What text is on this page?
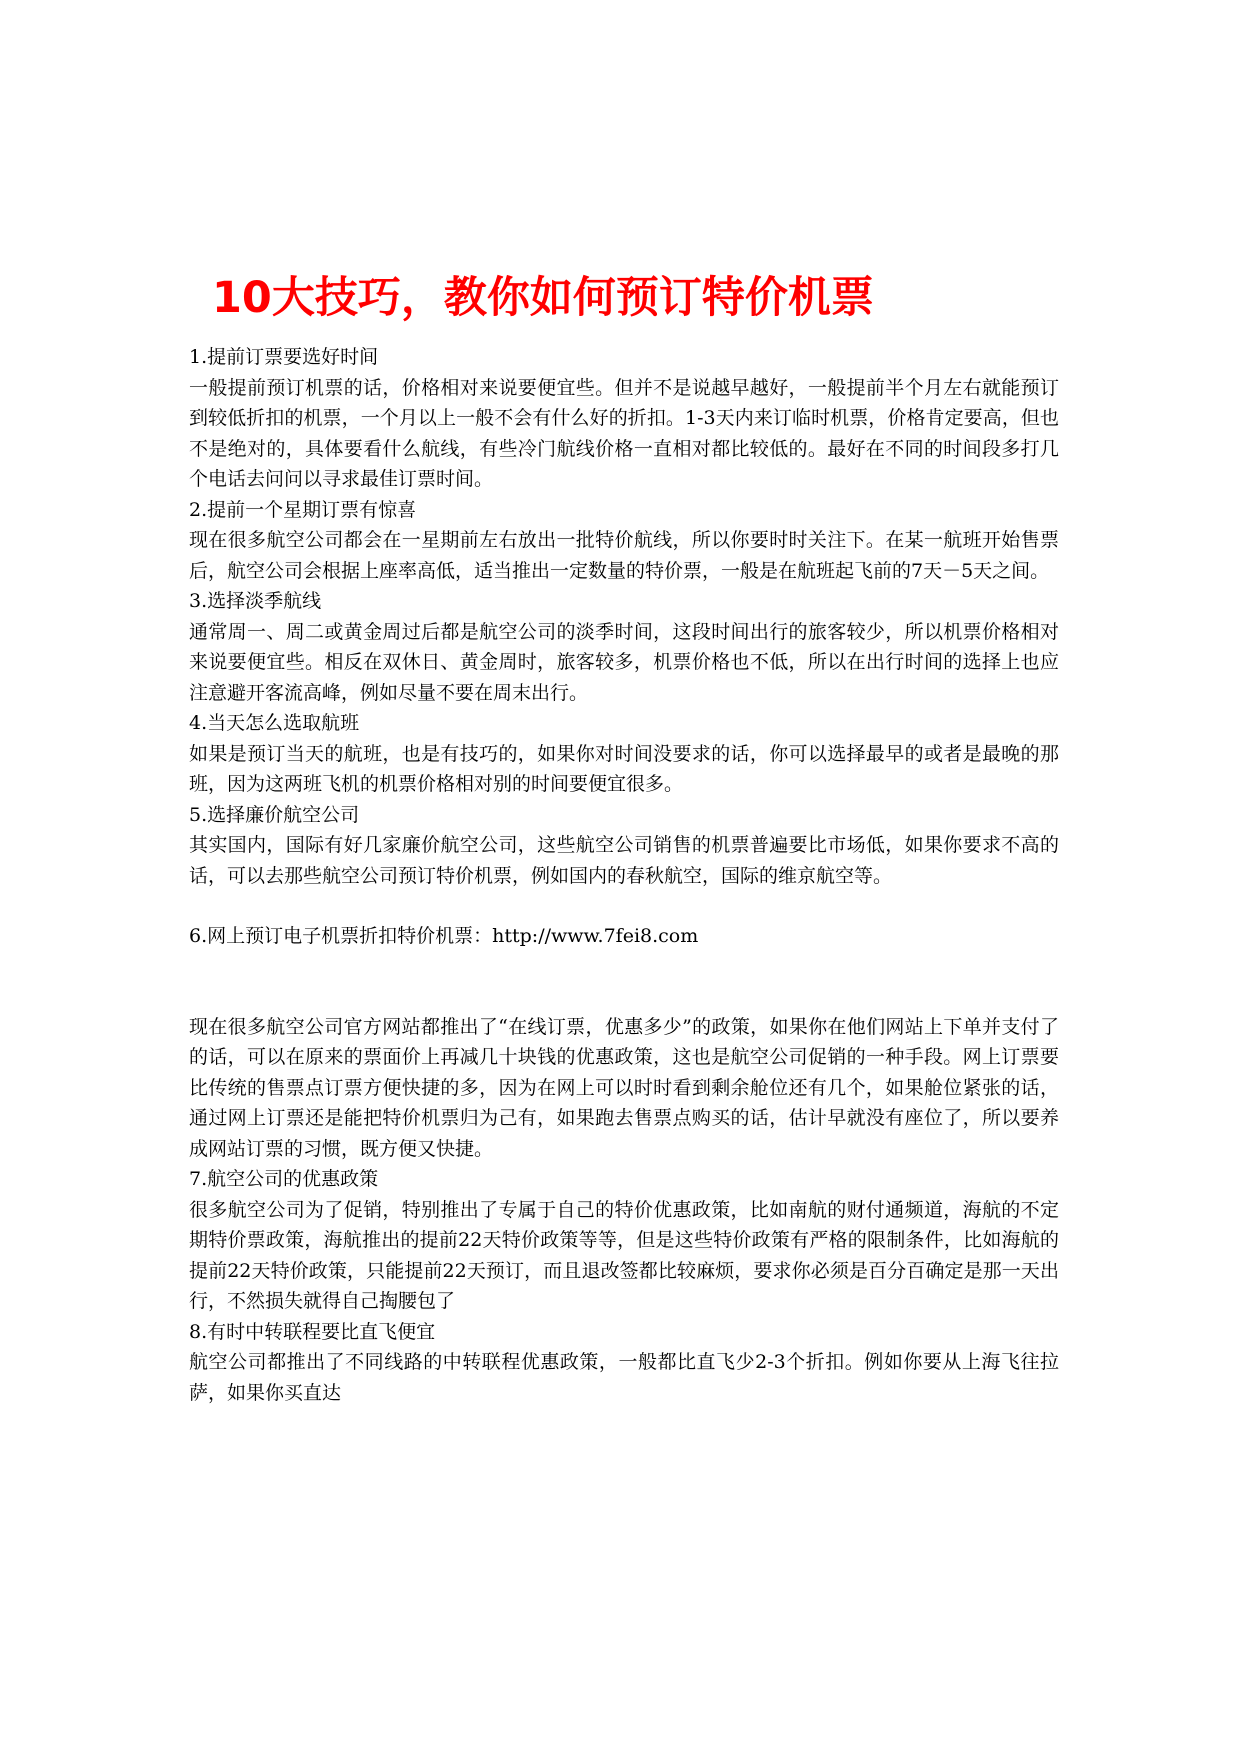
10大技巧，教你如何预订特价机票

1.提前订票要选好时间

一般提前预订机票的话，价格相对来说要便宜些。但并不是说越早越好，一般提前半个月左右就能预订到较低折扣的机票，一个月以上一般不会有什么好的折扣。1-3天内来订临时机票，价格肯定要高，但也不是绝对的，具体要看什么航线，有些冷门航线价格一直相对都比较低的。最好在不同的时间段多打几个电话去问问以寻求最佳订票时间。

2.提前一个星期订票有惊喜

现在很多航空公司都会在一星期前左右放出一批特价航线，所以你要时时关注下。在某一航班开始售票后，航空公司会根据上座率高低，适当推出一定数量的特价票，一般是在航班起飞前的7天－5天之间。

3.选择淡季航线

通常周一、周二或黄金周过后都是航空公司的淡季时间，这段时间出行的旅客较少，所以机票价格相对来说要便宜些。相反在双休日、黄金周时，旅客较多，机票价格也不低，所以在出行时间的选择上也应注意避开客流高峰，例如尽量不要在周末出行。

4.当天怎么选取航班

如果是预订当天的航班，也是有技巧的，如果你对时间没要求的话，你可以选择最早的或者是最晚的那班，因为这两班飞机的机票价格相对别的时间要便宜很多。

5.选择廉价航空公司

其实国内，国际有好几家廉价航空公司，这些航空公司销售的机票普遍要比市场低，如果你要求不高的话，可以去那些航空公司预订特价机票，例如国内的春秋航空，国际的维京航空等。

6.网上预订电子机票折扣特价机票：http://www.7fei8.com

现在很多航空公司官方网站都推出了“在线订票，优惠多少”的政策，如果你在他们网站上下单并支付了的话，可以在原来的票面价上再减几十块钱的优惠政策，这也是航空公司促销的一种手段。网上订票要比传统的售票点订票方便快捷的多，因为在网上可以时时看到剩余舱位还有几个，如果舱位紧张的话，通过网上订票还是能把特价机票归为己有，如果跑去售票点购买的话，估计早就没有座位了，所以要养成网站订票的习惯，既方便又快捷。

7.航空公司的优惠政策

很多航空公司为了促销，特别推出了专属于自己的特价优惠政策，比如南航的财付通频道，海航的不定期特价票政策，海航推出的提前22天特价政策等等，但是这些特价政策有严格的限制条件，比如海航的提前22天特价政策，只能提前22天预订，而且退改签都比较麻烦，要求你必须是百分百确定是那一天出行，不然损失就得自己掏腰包了

8.有时中转联程要比直飞便宜

航空公司都推出了不同线路的中转联程优惠政策，一般都比直飞少2-3个折扣。例如你要从上海飞往拉萨，如果你买直达
